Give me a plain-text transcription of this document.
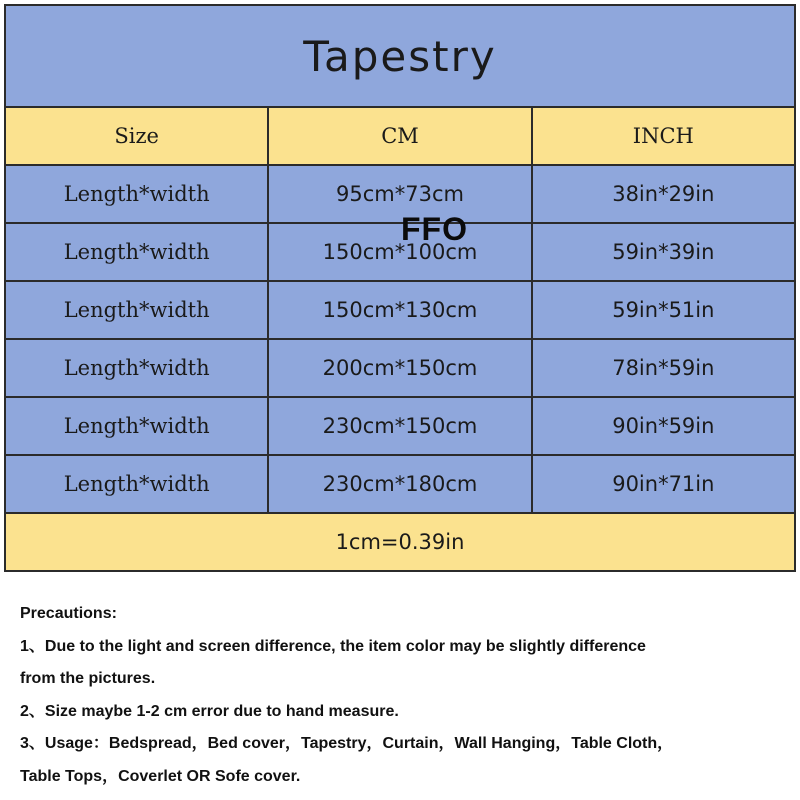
Tapestry		
Size	CM	INCH
Length*width	95cm*73cm	38in*29in
Length*width	150cm*100cm	59in*39in
Length*width	150cm*130cm	59in*51in
Length*width	200cm*150cm	78in*59in
Length*width	230cm*150cm	90in*59in
Length*width	230cm*180cm	90in*71in
1cm=0.39in		
FFO
Precautions:
1、Due to the light and screen difference, the item color may be slightly difference
from the pictures.
2、Size maybe 1-2 cm error due to hand measure.
3、Usage：Bedspread，Bed cover，Tapestry，Curtain，Wall Hanging，Table Cloth，
Table Tops，Coverlet OR Sofe cover.
